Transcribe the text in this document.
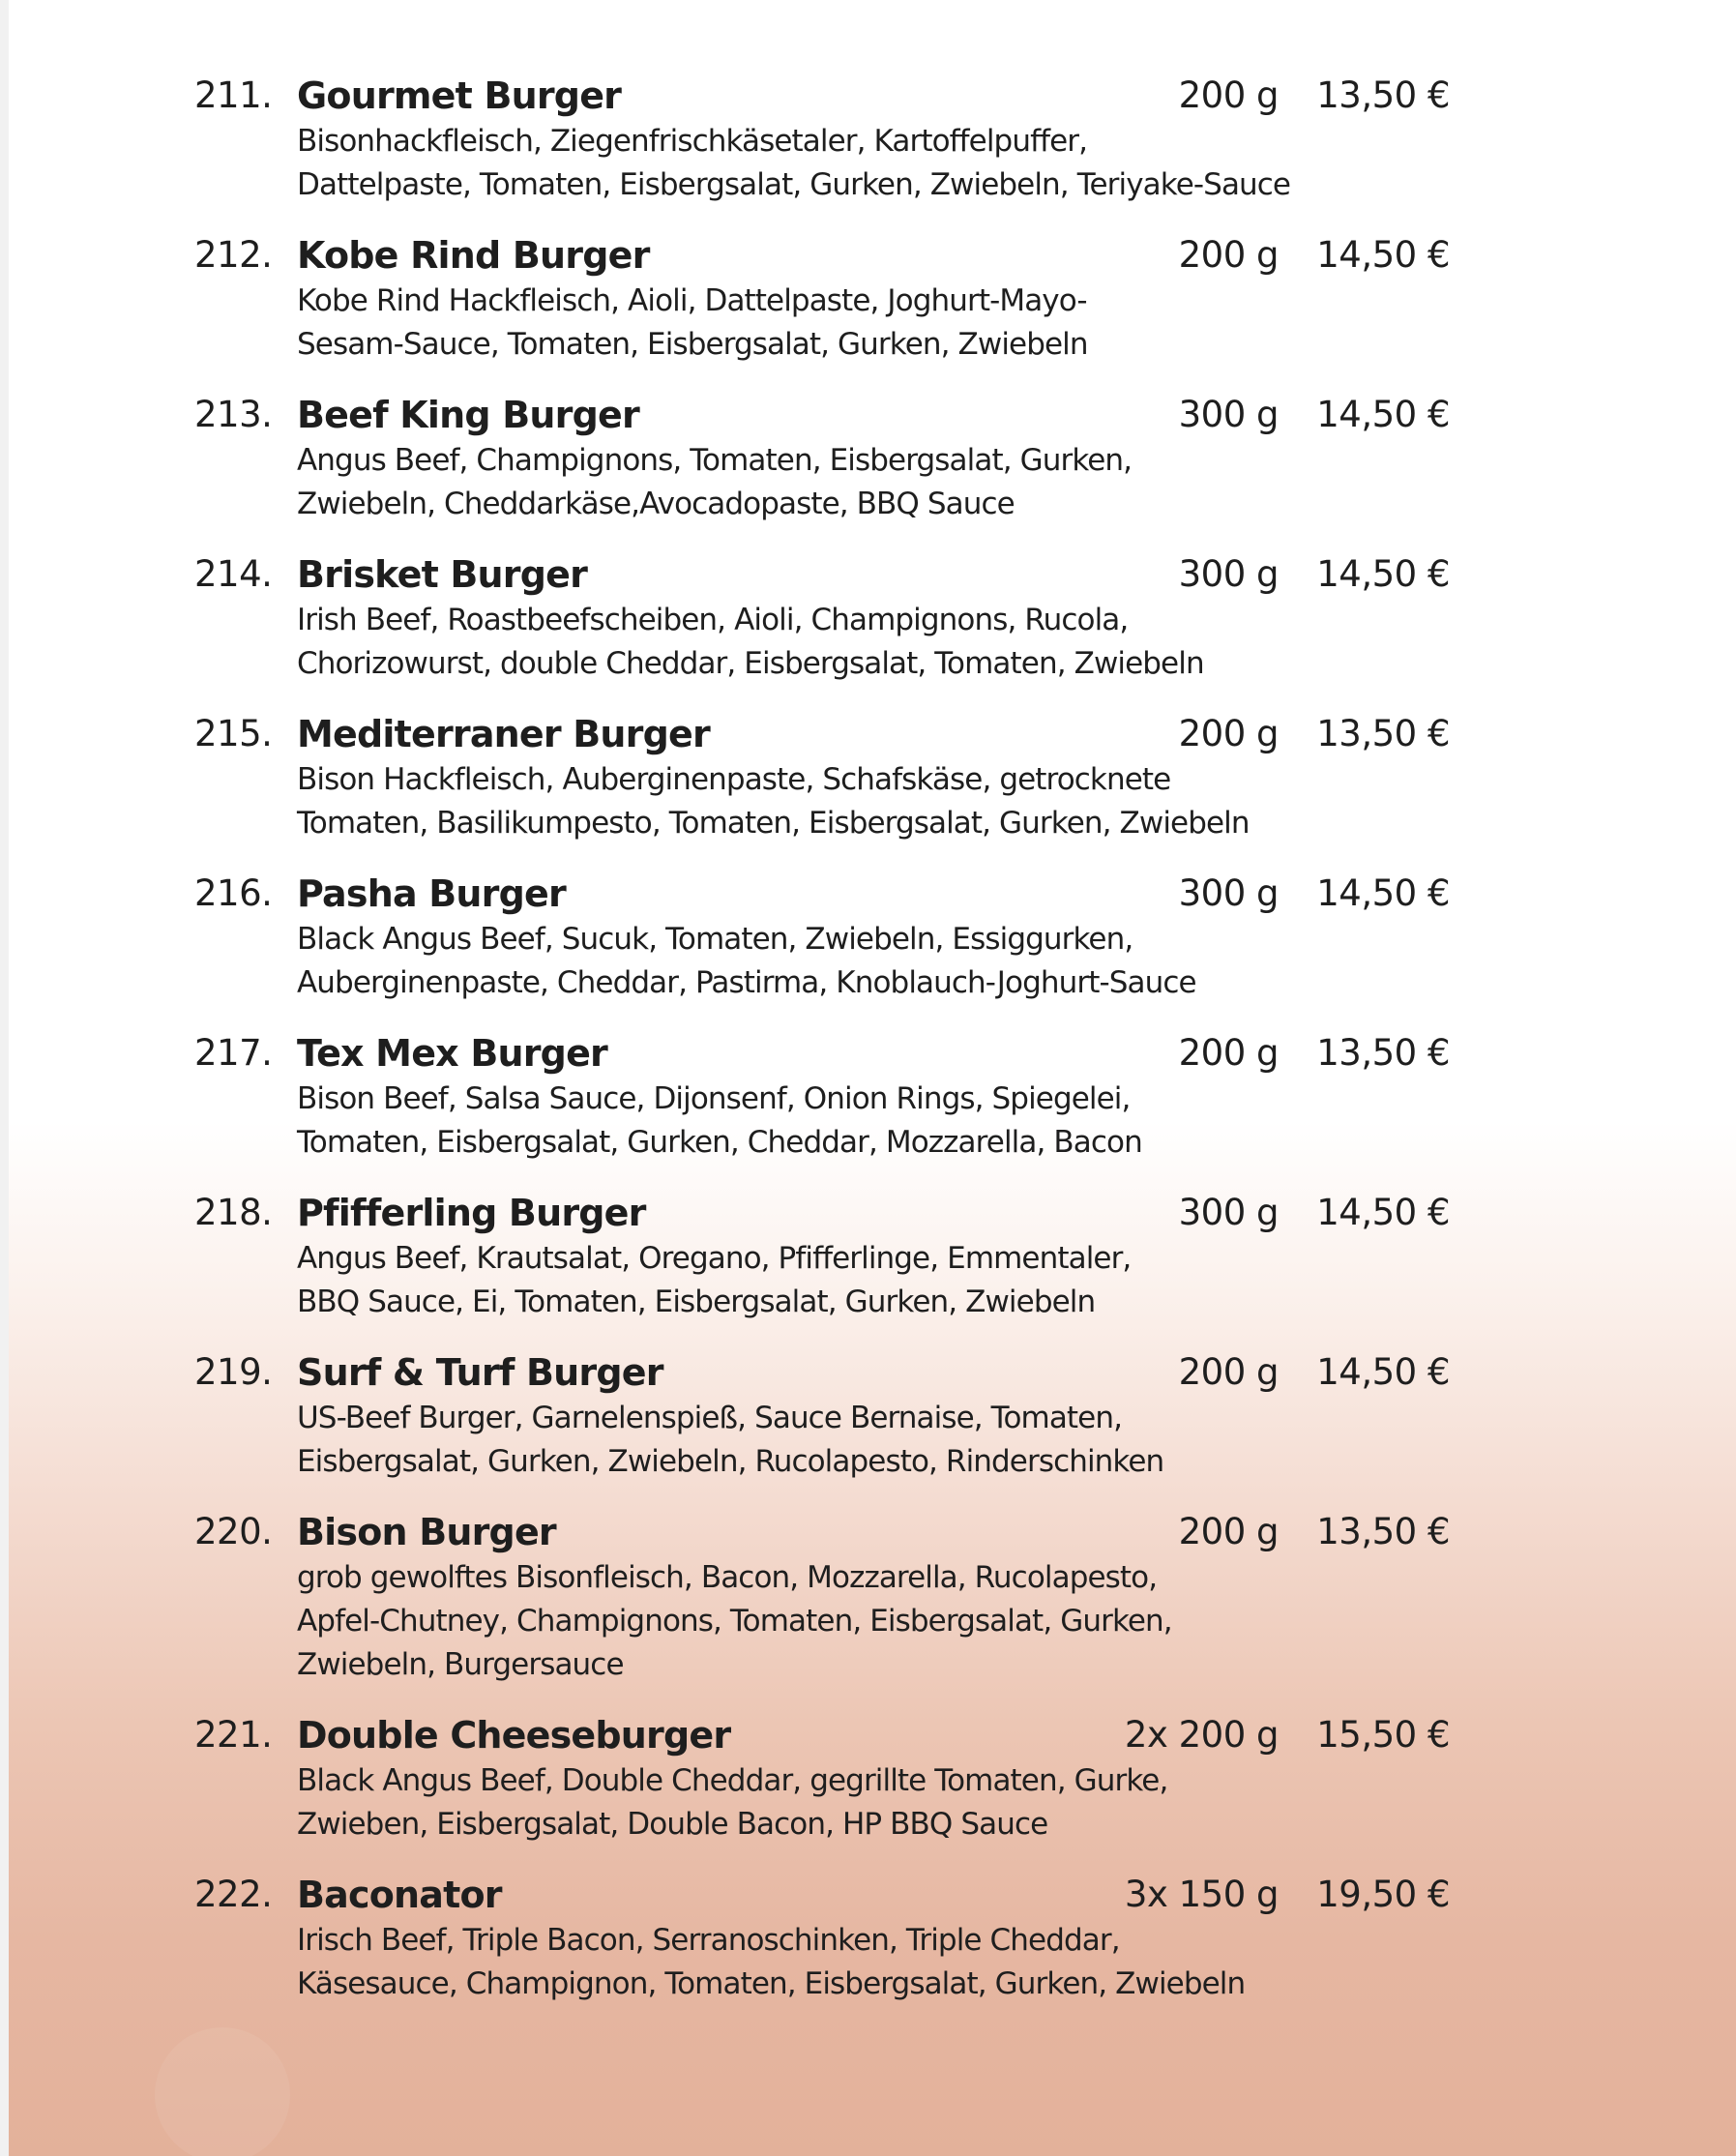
211. Gourmet Burger	200 g 13,50 €
Bisonhackfleisch, Ziegenfrischkäsetaler, Kartoffelpuffer,
Dattelpaste, Tomaten, Eisbergsalat, Gurken, Zwiebeln, Teriyake-Sauce
212. Kobe Rind Burger	200 g 14,50 €
Kobe Rind Hackfleisch, Aioli, Dattelpaste, Joghurt-Mayo-
Sesam-Sauce, Tomaten, Eisbergsalat, Gurken, Zwiebeln
213. Beef King Burger	300 g 14,50 €
Angus Beef, Champignons, Tomaten, Eisbergsalat, Gurken,
Zwiebeln, Cheddarkäse,Avocadopaste, BBQ Sauce
214. Brisket Burger	300 g 14,50 €
Irish Beef, Roastbeefscheiben, Aioli, Champignons, Rucola,
Chorizowurst, double Cheddar, Eisbergsalat, Tomaten, Zwiebeln
215. Mediterraner Burger	200 g 13,50 €
Bison Hackfleisch, Auberginenpaste, Schafskäse, getrocknete
Tomaten, Basilikumpesto, Tomaten, Eisbergsalat, Gurken, Zwiebeln
216. Pasha Burger	300 g 14,50 €
Black Angus Beef, Sucuk, Tomaten, Zwiebeln, Essiggurken,
Auberginenpaste, Cheddar, Pastirma, Knoblauch-Joghurt-Sauce
217. Tex Mex Burger	200 g 13,50 €
Bison Beef, Salsa Sauce, Dijonsenf, Onion Rings, Spiegelei,
Tomaten, Eisbergsalat, Gurken, Cheddar, Mozzarella, Bacon
218. Pfifferling Burger	300 g 14,50 €
Angus Beef, Krautsalat, Oregano, Pfifferlinge, Emmentaler,
BBQ Sauce, Ei, Tomaten, Eisbergsalat, Gurken, Zwiebeln
219. Surf & Turf Burger	200 g 14,50 €
US-Beef Burger, Garnelenspieß, Sauce Bernaise, Tomaten,
Eisbergsalat, Gurken, Zwiebeln, Rucolapesto, Rinderschinken
220. Bison Burger	200 g 13,50 €
grob gewolftes Bisonfleisch, Bacon, Mozzarella, Rucolapesto,
Apfel-Chutney, Champignons, Tomaten, Eisbergsalat, Gurken,
Zwiebeln, Burgersauce
221. Double Cheeseburger	2x 200 g 15,50 €
Black Angus Beef, Double Cheddar, gegrillte Tomaten, Gurke,
Zwieben, Eisbergsalat, Double Bacon, HP BBQ Sauce
222. Baconator	3x 150 g 19,50 €
Irisch Beef, Triple Bacon, Serranoschinken, Triple Cheddar,
Käsesauce, Champignon, Tomaten, Eisbergsalat, Gurken, Zwiebeln
